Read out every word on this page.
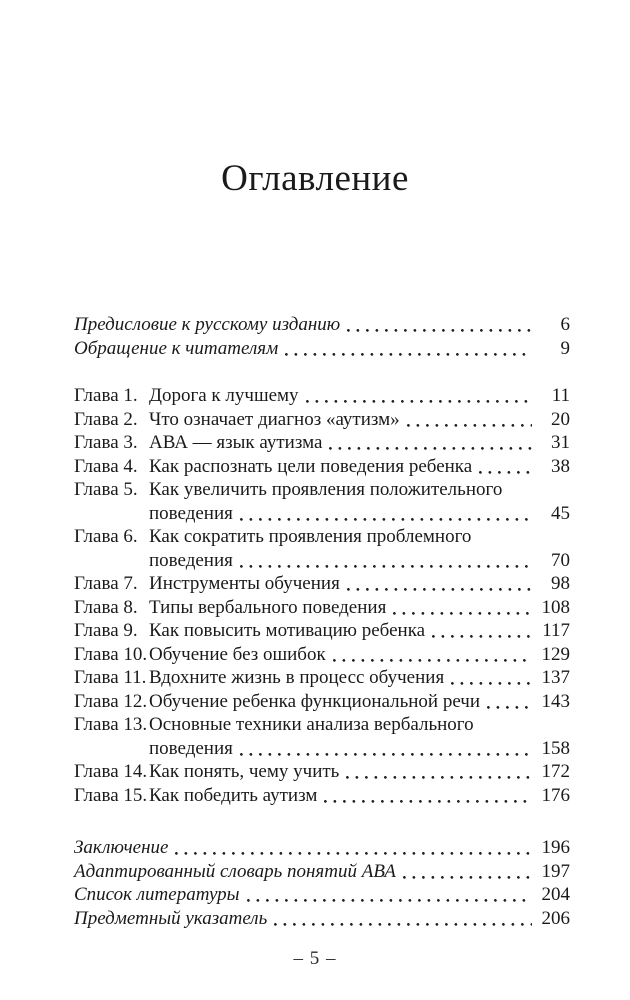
Оглавление
Предисловие к русскому изданию	6
Обращение к читателям	9
Глава 1. Дорога к лучшему	11
Глава 2. Что означает диагноз «аутизм»	20
Глава 3. АВА — язык аутизма	31
Глава 4. Как распознать цели поведения ребенка	38
Глава 5. Как увеличить проявления положительного
поведения	45
Глава 6. Как сократить проявления проблемного
поведения	70
Глава 7. Инструменты обучения	98
Глава 8. Типы вербального поведения	108
Глава 9. Как повысить мотивацию ребенка	117
Глава 10. Обучение без ошибок	129
Глава 11. Вдохните жизнь в процесс обучения	137
Глава 12. Обучение ребенка функциональной речи	143
Глава 13. Основные техники анализа вербального
поведения	158
Глава 14. Как понять, чему учить	172
Глава 15. Как победить аутизм	176
Заключение	196
Адаптированный словарь понятий АВА	197
Список литературы	204
Предметный указатель	206
– 5 –
